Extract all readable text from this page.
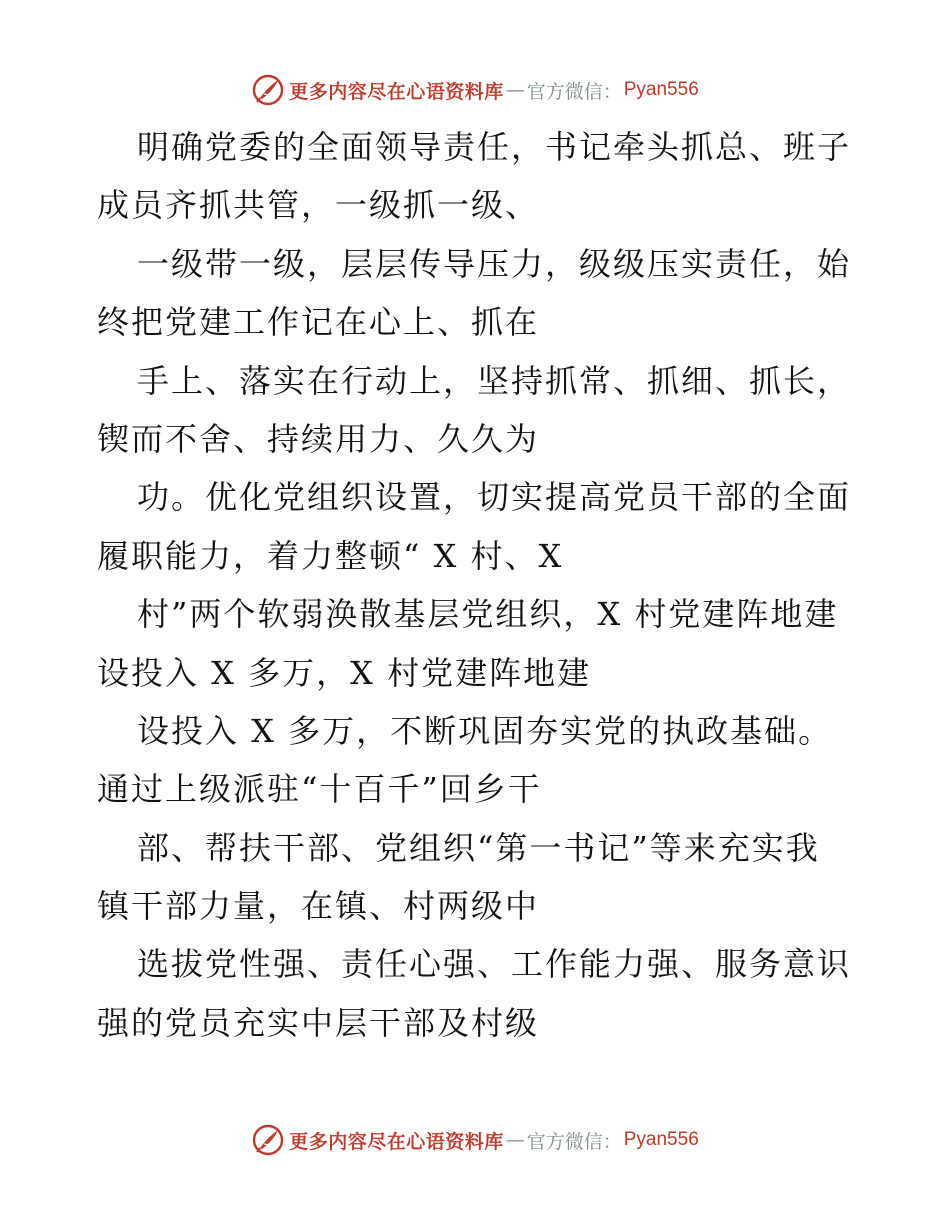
更多内容尽在心语资料库 — 官方微信： Pyan556
明确党委的全面领导责任，书记牵头抓总、班子
成员齐抓共管，一级抓一级、
一级带一级，层层传导压力，级级压实责任，始
终把党建工作记在心上、抓在
手上、落实在行动上，坚持抓常、抓细、抓长，
锲而不舍、持续用力、久久为
功。优化党组织设置，切实提高党员干部的全面
履职能力，着力整顿“ X 村、X
村”两个软弱涣散基层党组织，X 村党建阵地建
设投入 X 多万，X 村党建阵地建
设投入 X 多万，不断巩固夯实党的执政基础。
通过上级派驻“十百千”回乡干
部、帮扶干部、党组织“第一书记”等来充实我
镇干部力量，在镇、村两级中
选拔党性强、责任心强、工作能力强、服务意识
强的党员充实中层干部及村级
更多内容尽在心语资料库 — 官方微信： Pyan556
